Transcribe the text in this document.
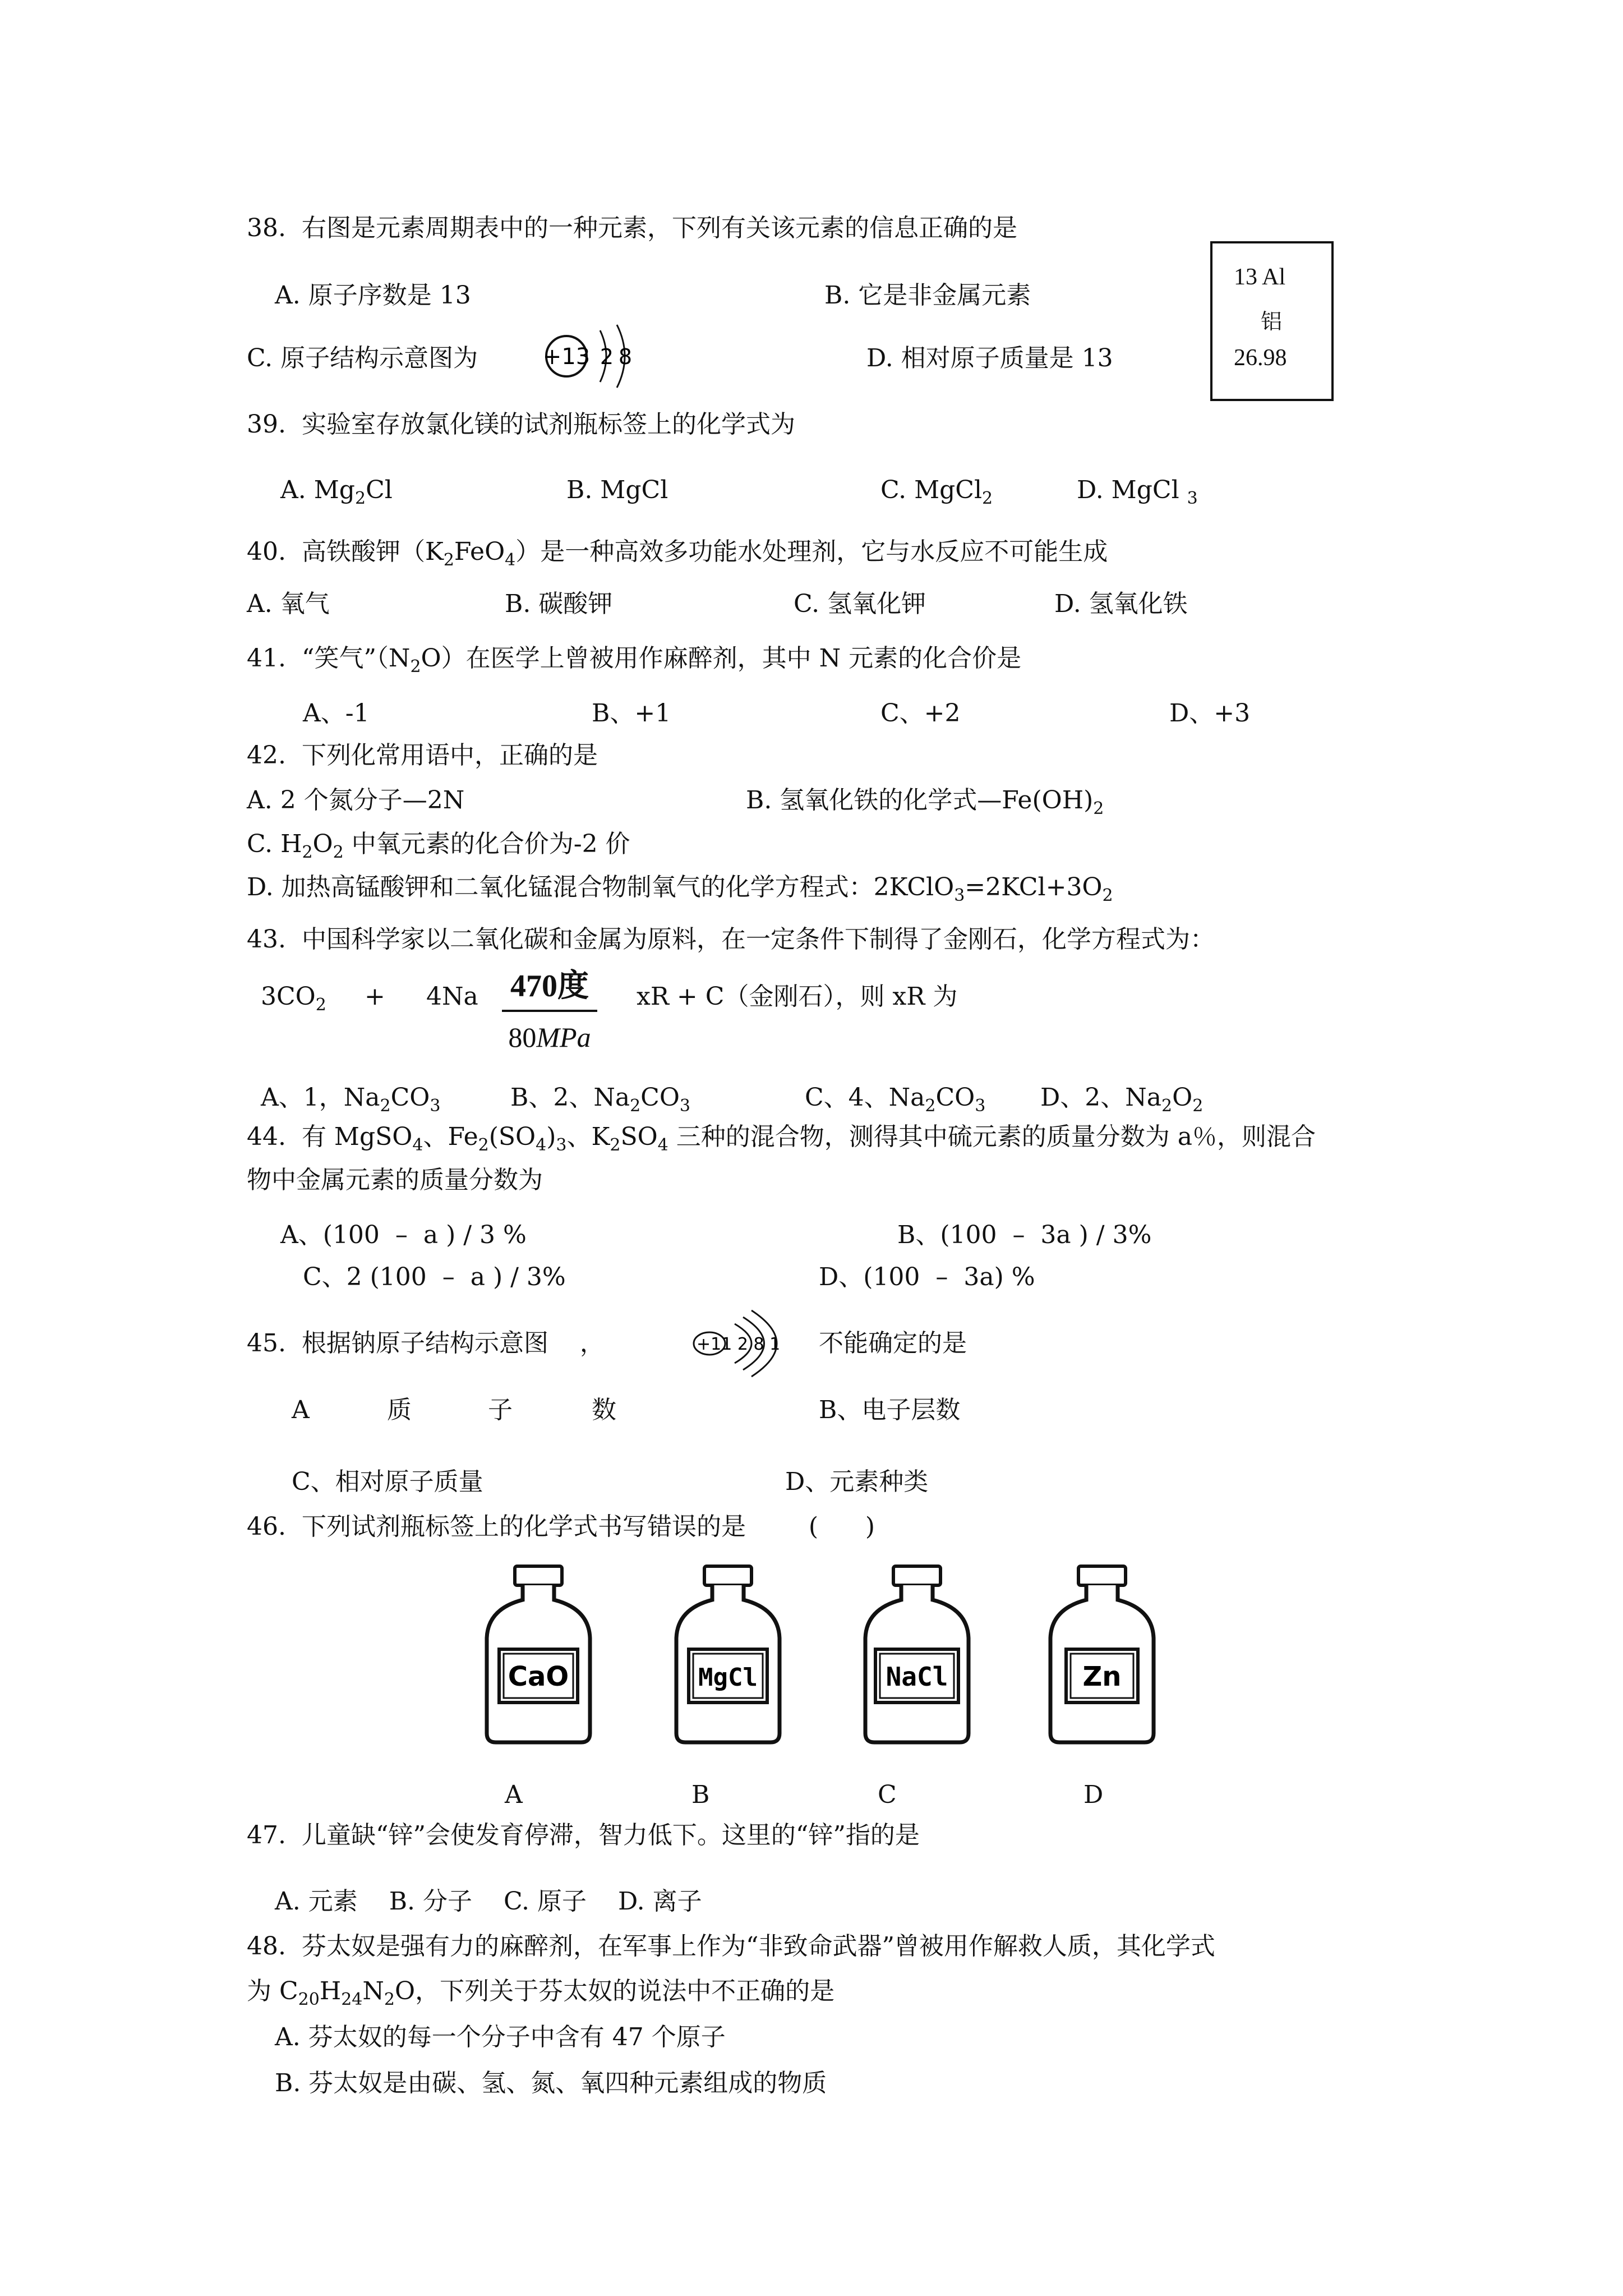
38.  右图是元素周期表中的一种元素，下列有关该元素的信息正确的是
A. 原子序数是 13	B. 它是非金属元素
C. 原子结构示意图为	+13 2 8	D. 相对原子质量是 13
13 Al
铝
26.98
39.  实验室存放氯化镁的试剂瓶标签上的化学式为
A. $Mg_2Cl$	B. MgCl	C. MgCl$_2$	D. MgCl $_3$
40.  高铁酸钾$(K_2FeO_4)$是一种高效多功能水处理剂，它与水反应不可能生成
A. 氧气	B. 碳酸钾	C. 氢氧化钾	D. 氢氧化铁
41.  “笑气$”(N_2O)$在医学上曾被用作麻醉剂，其中 N 元素的化合价是
A、-1	B、+1	C、+2	D、+3
42.  下列化常用语中，正确的是
A. 2 个氮分子—2N	B. 氢氧化铁的化学式$—Fe(OH)_2$
C. $H_2O_2$ 中氧元素的化合价为-2 价
D. 加热高锰酸钾和二氧化锰混合物制氧气的化学方程式：$2KClO_3=2KCl+3O_2$
43.  中国科学家以二氧化碳和金属为原料，在一定条件下制得了金刚石，化学方程式为：
$3CO_2 + 4Na$ 470度
80MPa
xR + C（金刚石），则 xR 为
A、1，$Na_2CO_3$	B、2、$Na_2CO_3$	C、4、$Na_2CO_3$ D、2、$Na_2O_2$
44.  有 MgSO$_4$、$Fe_2(SO_4)_3$、$K_2SO_4$ 三种的混合物，测得其中硫元素的质量分数为 a％，则混合
物中金属元素的质量分数为
A、(100  –  a ) / 3 %	B、(100  –  3a ) / 3%
C、2 (100  –  a ) / 3%	D、(100  –  3a) %
45.  根据钠原子结构示意图    ，	+11 2 8 1 不能确定的是
A	质	子	数	B、电子层数
C、相对原子质量	D、元素种类
46.  下列试剂瓶标签上的化学式书写错误的是        (      )
CaO	MgCl	NaCl	Zn
A	B	C	D
47.  儿童缺“锌”会使发育停滞，智力低下。这里的“锌”指的是
A. 元素    B. 分子    C. 原子    D. 离子
48.  芬太奴是强有力的麻醉剂，在军事上作为“非致命武器”曾被用作解救人质，其化学式
为 $C_{20}H_{24}N_2O$，下列关于芬太奴的说法中不正确的是
A. 芬太奴的每一个分子中含有 47 个原子
B. 芬太奴是由碳、氢、氮、氧四种元素组成的物质
